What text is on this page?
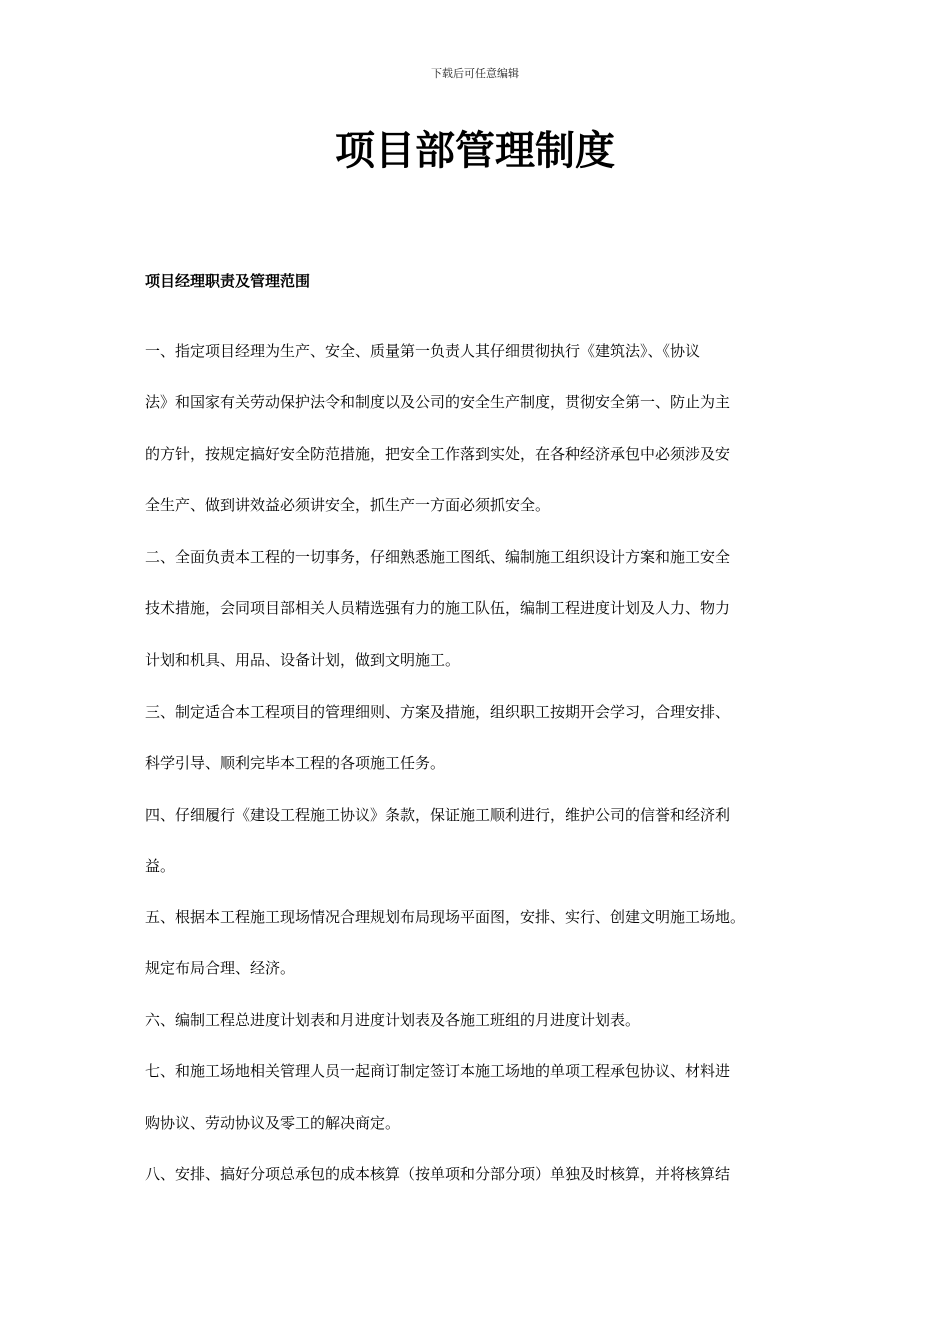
下载后可任意编辑
项目部管理制度
项目经理职责及管理范围
一、指定项目经理为生产、安全、质量第一负责人其仔细贯彻执行《建筑法》、《协议
法》和国家有关劳动保护法令和制度以及公司的安全生产制度，贯彻安全第一、防止为主
的方针，按规定搞好安全防范措施，把安全工作落到实处，在各种经济承包中必须涉及安
全生产、做到讲效益必须讲安全，抓生产一方面必须抓安全。
二、全面负责本工程的一切事务，仔细熟悉施工图纸、编制施工组织设计方案和施工安全
技术措施，会同项目部相关人员精选强有力的施工队伍，编制工程进度计划及人力、物力
计划和机具、用品、设备计划，做到文明施工。
三、制定适合本工程项目的管理细则、方案及措施，组织职工按期开会学习，合理安排、
科学引导、顺利完毕本工程的各项施工任务。
四、仔细履行《建设工程施工协议》条款，保证施工顺利进行，维护公司的信誉和经济利
益。
五、根据本工程施工现场情况合理规划布局现场平面图，安排、实行、创建文明施工场地。
规定布局合理、经济。
六、编制工程总进度计划表和月进度计划表及各施工班组的月进度计划表。
七、和施工场地相关管理人员一起商订制定签订本施工场地的单项工程承包协议、材料进
购协议、劳动协议及零工的解决商定。
八、安排、搞好分项总承包的成本核算（按单项和分部分项）单独及时核算，并将核算结
